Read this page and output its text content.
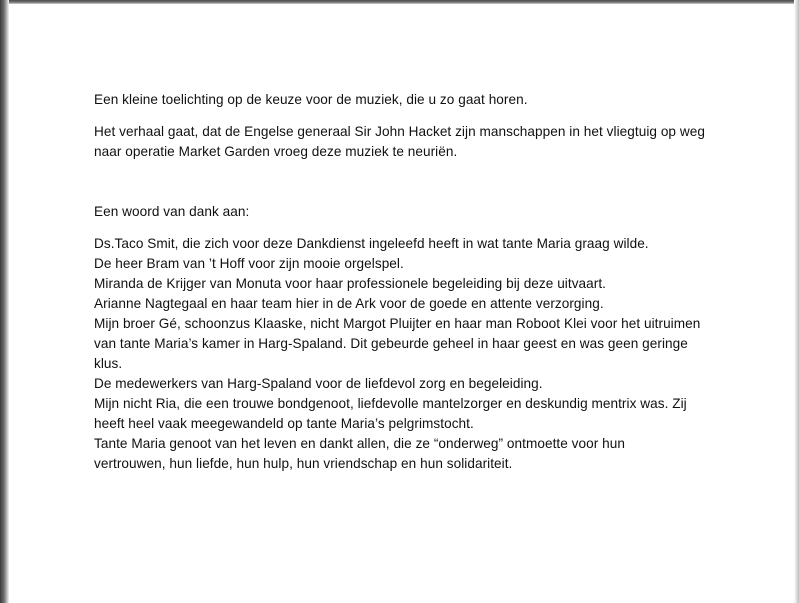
Een kleine toelichting op de keuze voor de muziek, die u zo gaat horen.

Het verhaal gaat, dat de Engelse generaal Sir John Hacket zijn manschappen in het vliegtuig op weg

naar operatie Market Garden vroeg deze muziek te neuriën.

Een woord van dank aan:

Ds.Taco Smit, die zich voor deze Dankdienst ingeleefd heeft in wat tante Maria graag wilde.

De heer Bram van ’t Hoff voor zijn mooie orgelspel.

Miranda de Krijger van Monuta voor haar professionele begeleiding bij deze uitvaart.

Arianne Nagtegaal en haar team hier in de Ark voor de goede en attente verzorging.

Mijn broer Gé, schoonzus Klaaske, nicht Margot Pluijter en haar man Roboot Klei voor het uitruimen

van tante Maria’s kamer in Harg-Spaland. Dit gebeurde geheel in haar geest en was geen geringe

klus.

De medewerkers van Harg-Spaland voor de liefdevol zorg en begeleiding.

Mijn nicht Ria, die een trouwe bondgenoot, liefdevolle mantelzorger en deskundig mentrix was. Zij

heeft heel vaak meegewandeld op tante Maria’s pelgrimstocht.

Tante Maria genoot van het leven en dankt allen, die ze “onderweg” ontmoette voor hun

vertrouwen, hun liefde, hun hulp, hun vriendschap en hun solidariteit.
